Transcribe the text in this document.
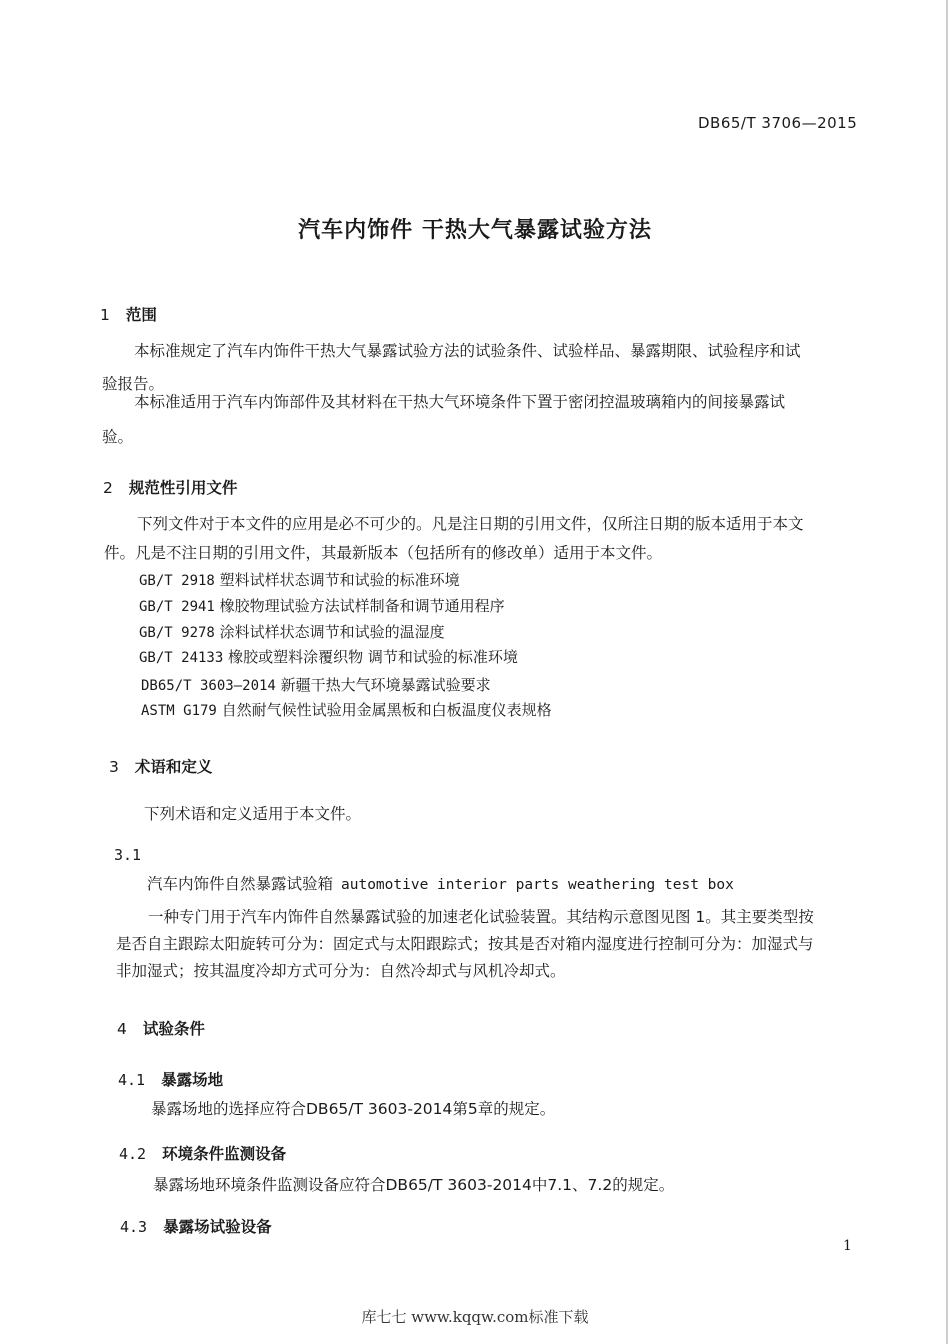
DB65/T 3706—2015
汽车内饰件 干热大气暴露试验方法
1 范围
本标准规定了汽车内饰件干热大气暴露试验方法的试验条件、试验样品、暴露期限、试验程序和试
验报告。
本标准适用于汽车内饰部件及其材料在干热大气环境条件下置于密闭控温玻璃箱内的间接暴露试
验。
2 规范性引用文件
下列文件对于本文件的应用是必不可少的。凡是注日期的引用文件，仅所注日期的版本适用于本文
件。凡是不注日期的引用文件，其最新版本（包括所有的修改单）适用于本文件。
GB/T 2918 塑料试样状态调节和试验的标准环境
GB/T 2941 橡胶物理试验方法试样制备和调节通用程序
GB/T 9278 涂料试样状态调节和试验的温湿度
GB/T 24133 橡胶或塑料涂覆织物 调节和试验的标准环境
DB65/T 3603—2014 新疆干热大气环境暴露试验要求
ASTM G179 自然耐气候性试验用金属黑板和白板温度仪表规格
3 术语和定义
下列术语和定义适用于本文件。
3.1
汽车内饰件自然暴露试验箱 automotive interior parts weathering test box
一种专门用于汽车内饰件自然暴露试验的加速老化试验装置。其结构示意图见图 1。其主要类型按
是否自主跟踪太阳旋转可分为：固定式与太阳跟踪式；按其是否对箱内湿度进行控制可分为：加湿式与
非加湿式；按其温度冷却方式可分为：自然冷却式与风机冷却式。
4 试验条件
4.1 暴露场地
暴露场地的选择应符合DB65/T 3603-2014第5章的规定。
4.2 环境条件监测设备
暴露场地环境条件监测设备应符合DB65/T 3603-2014中7.1、7.2的规定。
4.3 暴露场试验设备
1
库七七 www.kqqw.com标准下载
